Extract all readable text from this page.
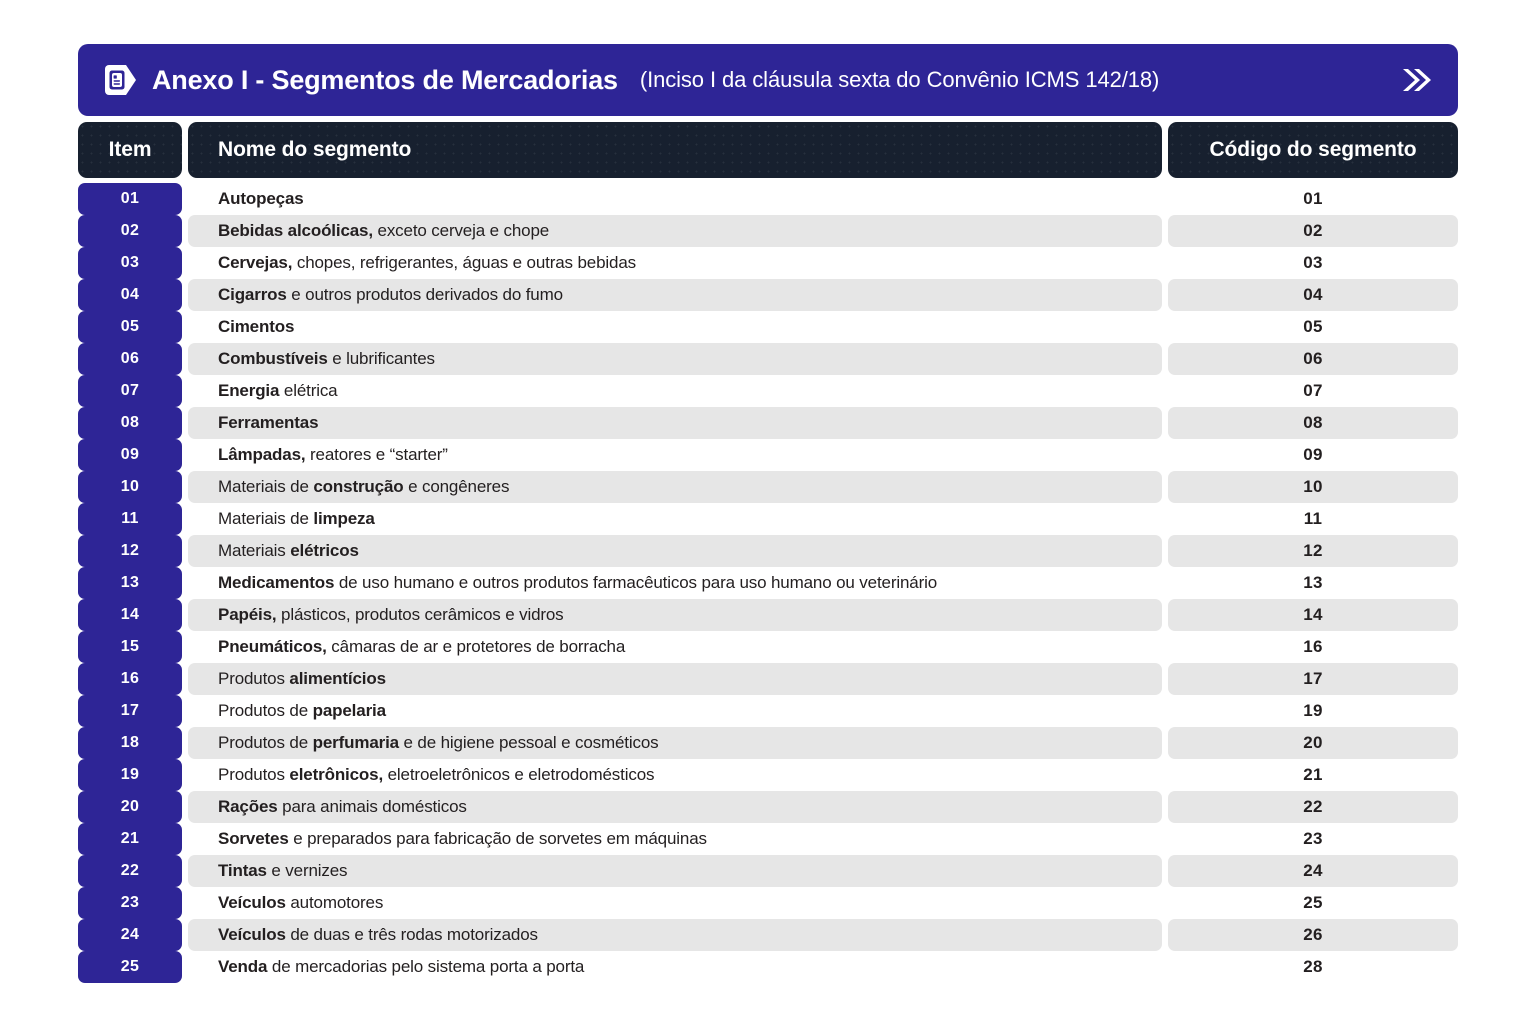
Anexo I - Segmentos de Mercadorias (Inciso I da cláusula sexta do Convênio ICMS 142/18)
Item	Nome do segmento	Código do segmento
01	Autopeças	01
02	Bebidas alcoólicas, exceto cerveja e chope	02
03	Cervejas, chopes, refrigerantes, águas e outras bebidas	03
04	Cigarros e outros produtos derivados do fumo	04
05	Cimentos	05
06	Combustíveis e lubrificantes	06
07	Energia elétrica	07
08	Ferramentas	08
09	Lâmpadas, reatores e “starter”	09
10	Materiais de construção e congêneres	10
11	Materiais de limpeza	11
12	Materiais elétricos	12
13	Medicamentos de uso humano e outros produtos farmacêuticos para uso humano ou veterinário	13
14	Papéis, plásticos, produtos cerâmicos e vidros	14
15	Pneumáticos, câmaras de ar e protetores de borracha	16
16	Produtos alimentícios	17
17	Produtos de papelaria	19
18	Produtos de perfumaria e de higiene pessoal e cosméticos	20
19	Produtos eletrônicos, eletroeletrônicos e eletrodomésticos	21
20	Rações para animais domésticos	22
21	Sorvetes e preparados para fabricação de sorvetes em máquinas	23
22	Tintas e vernizes	24
23	Veículos automotores	25
24	Veículos de duas e três rodas motorizados	26
25	Venda de mercadorias pelo sistema porta a porta	28
